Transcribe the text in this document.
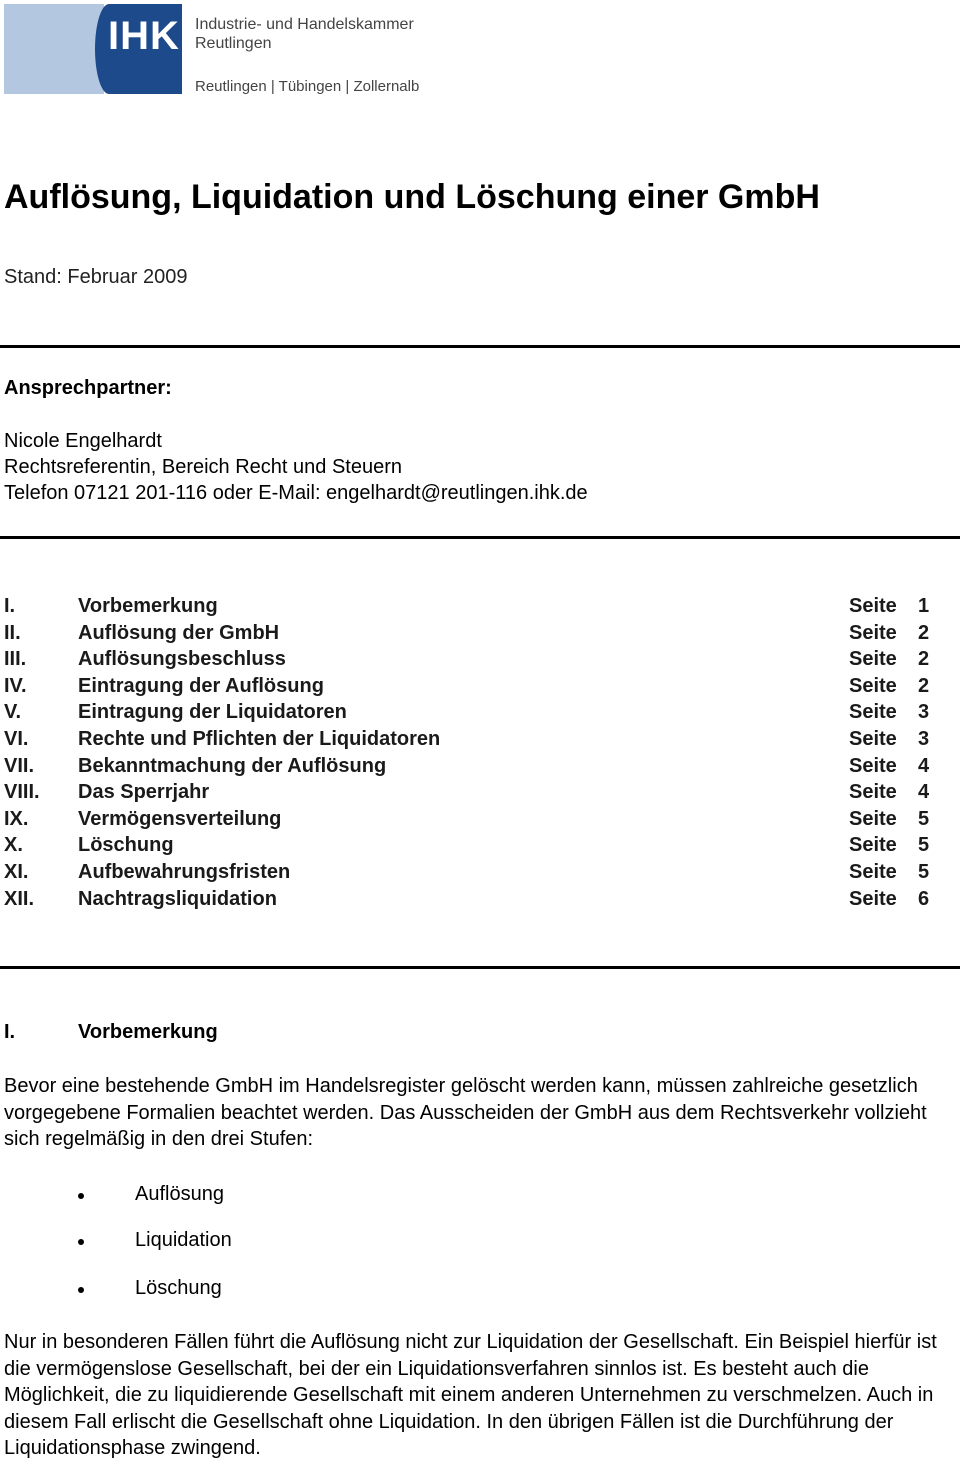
IHK Industrie- und Handelskammer
Reutlingen
Reutlingen | Tübingen | Zollernalb
Auflösung, Liquidation und Löschung einer GmbH
Stand: Februar 2009
Ansprechpartner:
Nicole Engelhardt
Rechtsreferentin, Bereich Recht und Steuern
Telefon 07121 201-116 oder E-Mail: engelhardt@reutlingen.ihk.de
I.	Vorbemerkung	Seite 1
II.	Auflösung der GmbH	Seite 2
III.	Auflösungsbeschluss	Seite 2
IV.	Eintragung der Auflösung	Seite 2
V.	Eintragung der Liquidatoren	Seite 3
VI. Rechte und Pflichten der Liquidatoren	Seite 3
VII. Bekanntmachung der Auflösung	Seite 4
VIII. Das Sperrjahr	Seite 4
IX. Vermögensverteilung	Seite 5
X.	Löschung	Seite 5
XI. Aufbewahrungsfristen	Seite 5
XII. Nachtragsliquidation	Seite 6
I.	Vorbemerkung
Bevor eine bestehende GmbH im Handelsregister gelöscht werden kann, müssen zahlreiche gesetzlich vorgegebene Formalien beachtet werden. Das Ausscheiden der GmbH aus dem Rechtsverkehr vollzieht sich regelmäßig in den drei Stufen:
Auflösung
Liquidation
Löschung
Nur in besonderen Fällen führt die Auflösung nicht zur Liquidation der Gesellschaft. Ein Beispiel hierfür ist die vermögenslose Gesellschaft, bei der ein Liquidationsverfahren sinnlos ist. Es besteht auch die Möglichkeit, die zu liquidierende Gesellschaft mit einem anderen Unternehmen zu verschmelzen. Auch in diesem Fall erlischt die Gesellschaft ohne Liquidation. In den übrigen Fällen ist die Durchführung der Liquidationsphase zwingend.
